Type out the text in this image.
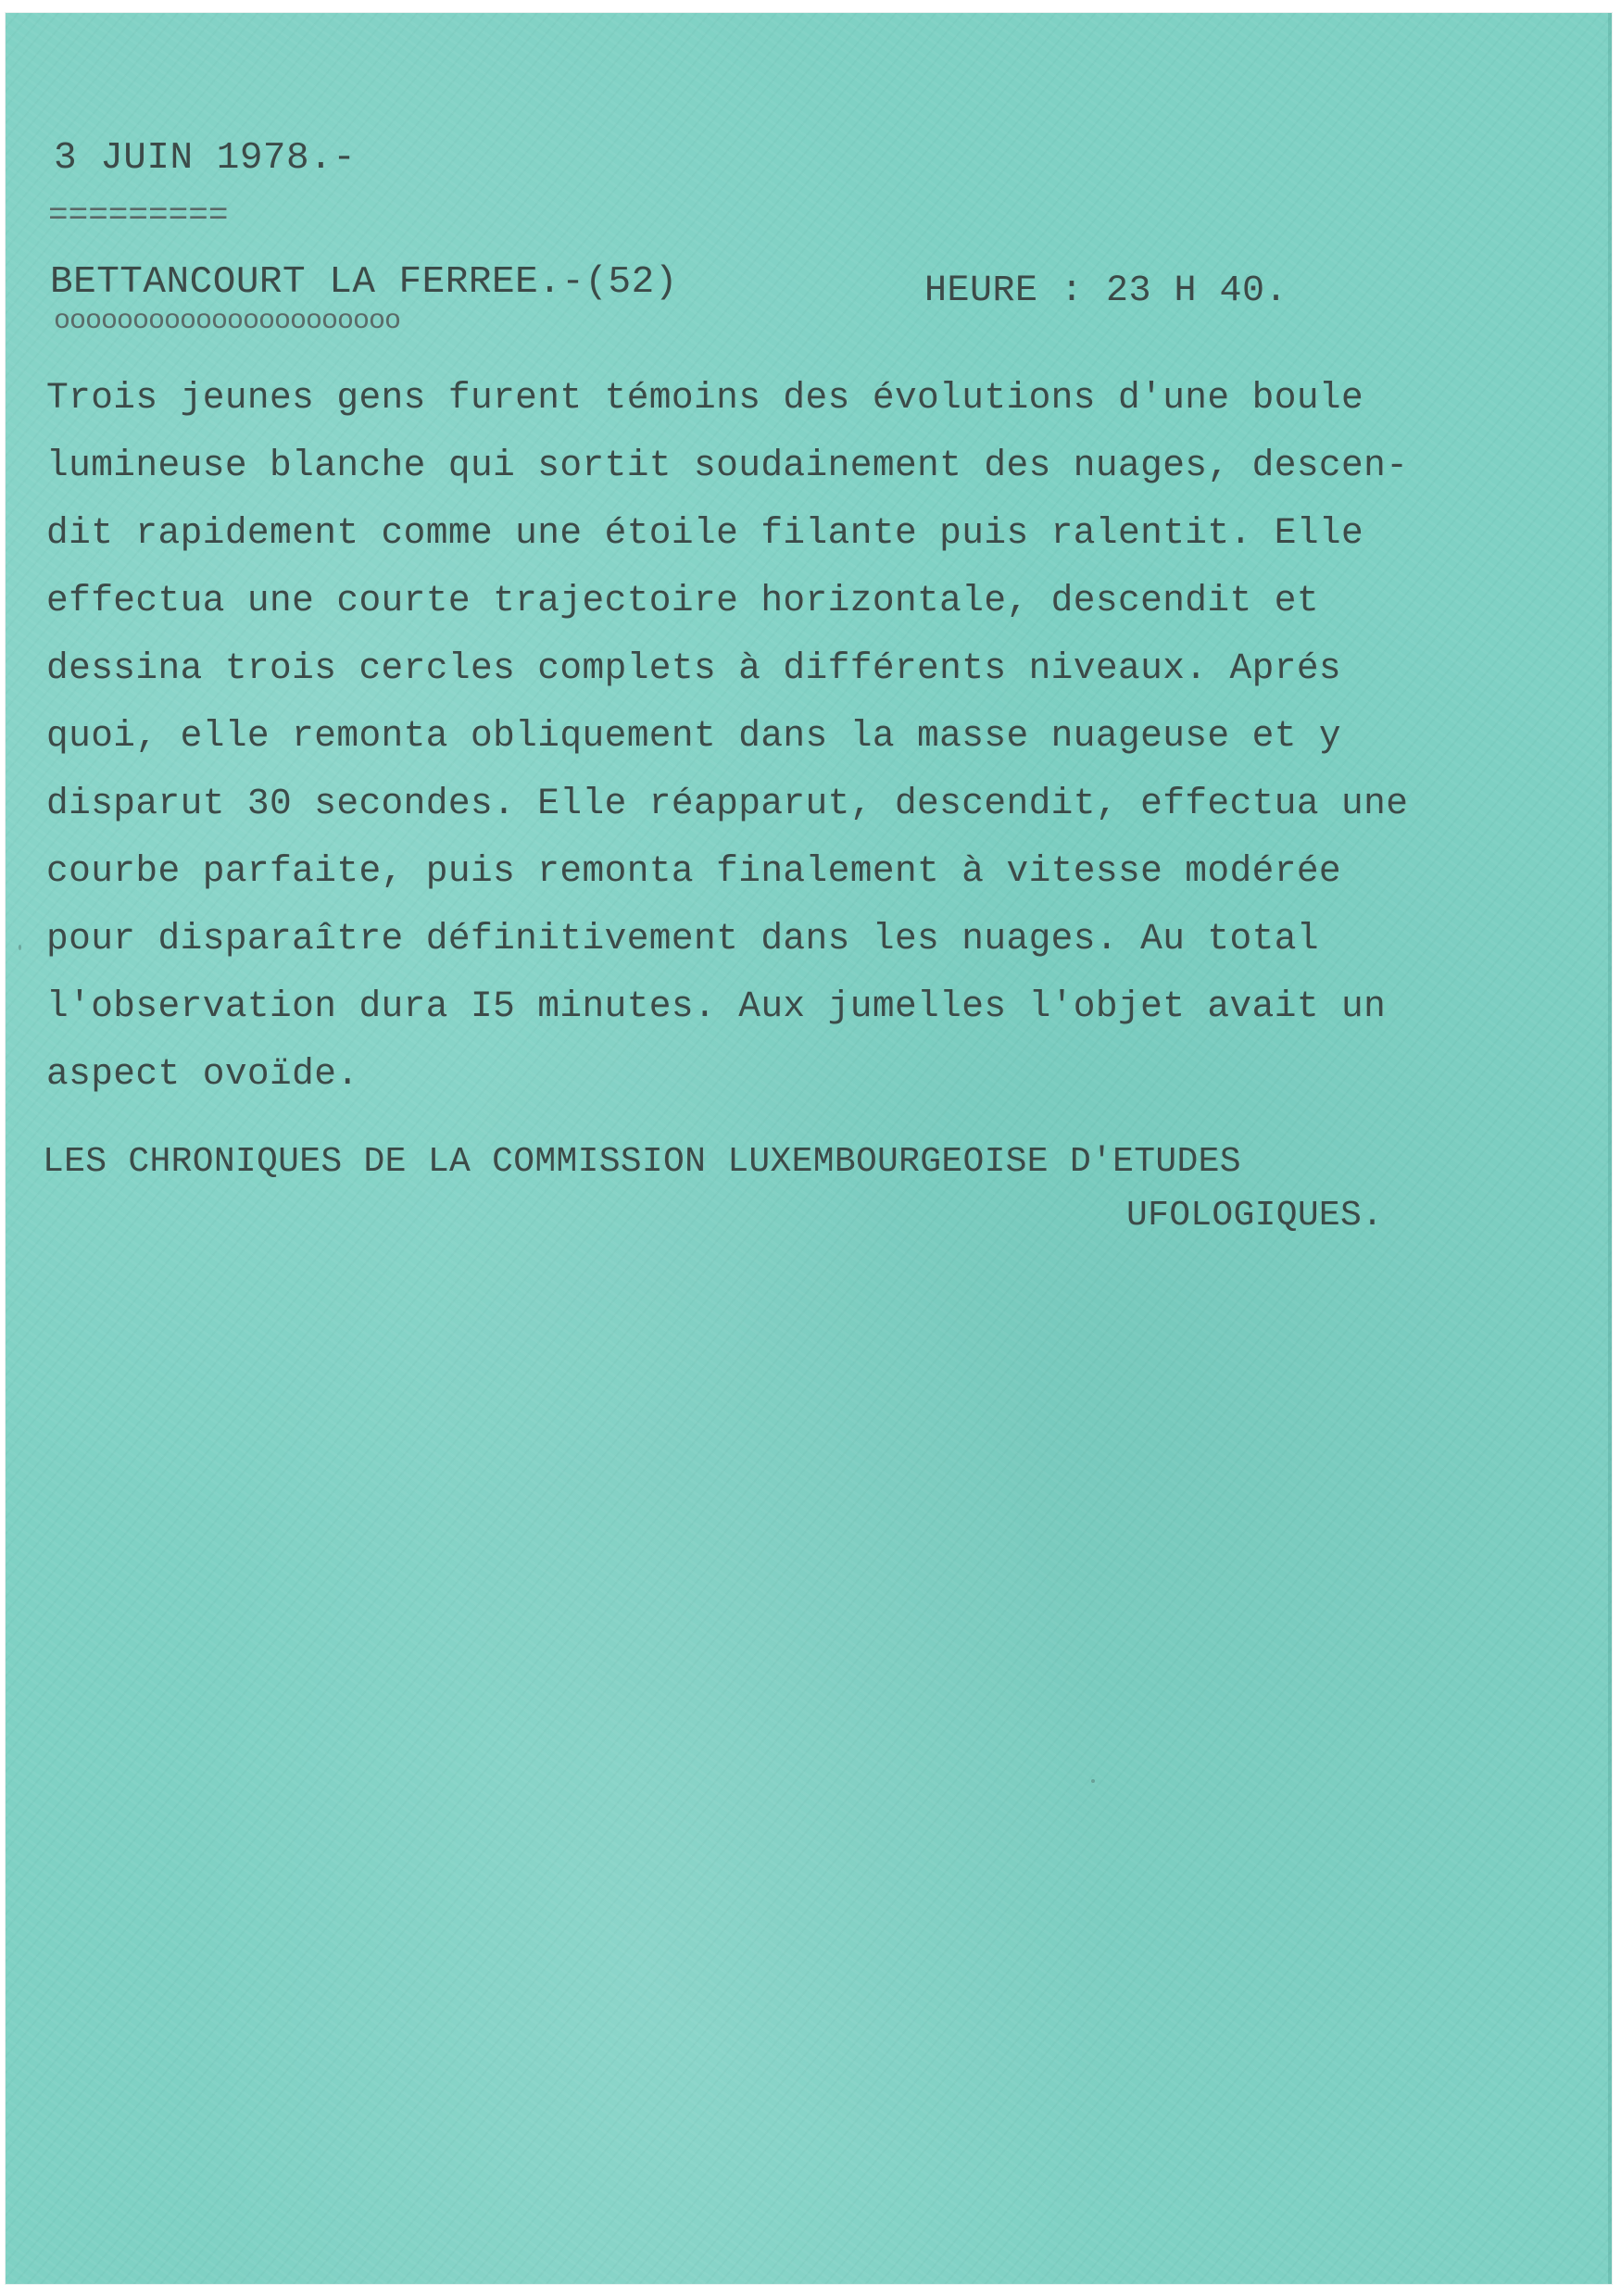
3 JUIN 1978.-
=========
BETTANCOURT LA FERREE.-(52)	HEURE : 23 H 40.
oooooooooooooooooooooo
Trois jeunes gens furent témoins des évolutions d'une boule
lumineuse blanche qui sortit soudainement des nuages, descen-
dit rapidement comme une étoile filante puis ralentit. Elle
effectua une courte trajectoire horizontale, descendit et
dessina trois cercles complets à différents niveaux. Aprés
quoi, elle remonta obliquement dans la masse nuageuse et y
disparut 30 secondes. Elle réapparut, descendit, effectua une
courbe parfaite, puis remonta finalement à vitesse modérée
pour disparaître définitivement dans les nuages. Au total
l'observation dura I5 minutes. Aux jumelles l'objet avait un
aspect ovoïde.
LES CHRONIQUES DE LA COMMISSION LUXEMBOURGEOISE D'ETUDES
UFOLOGIQUES.
